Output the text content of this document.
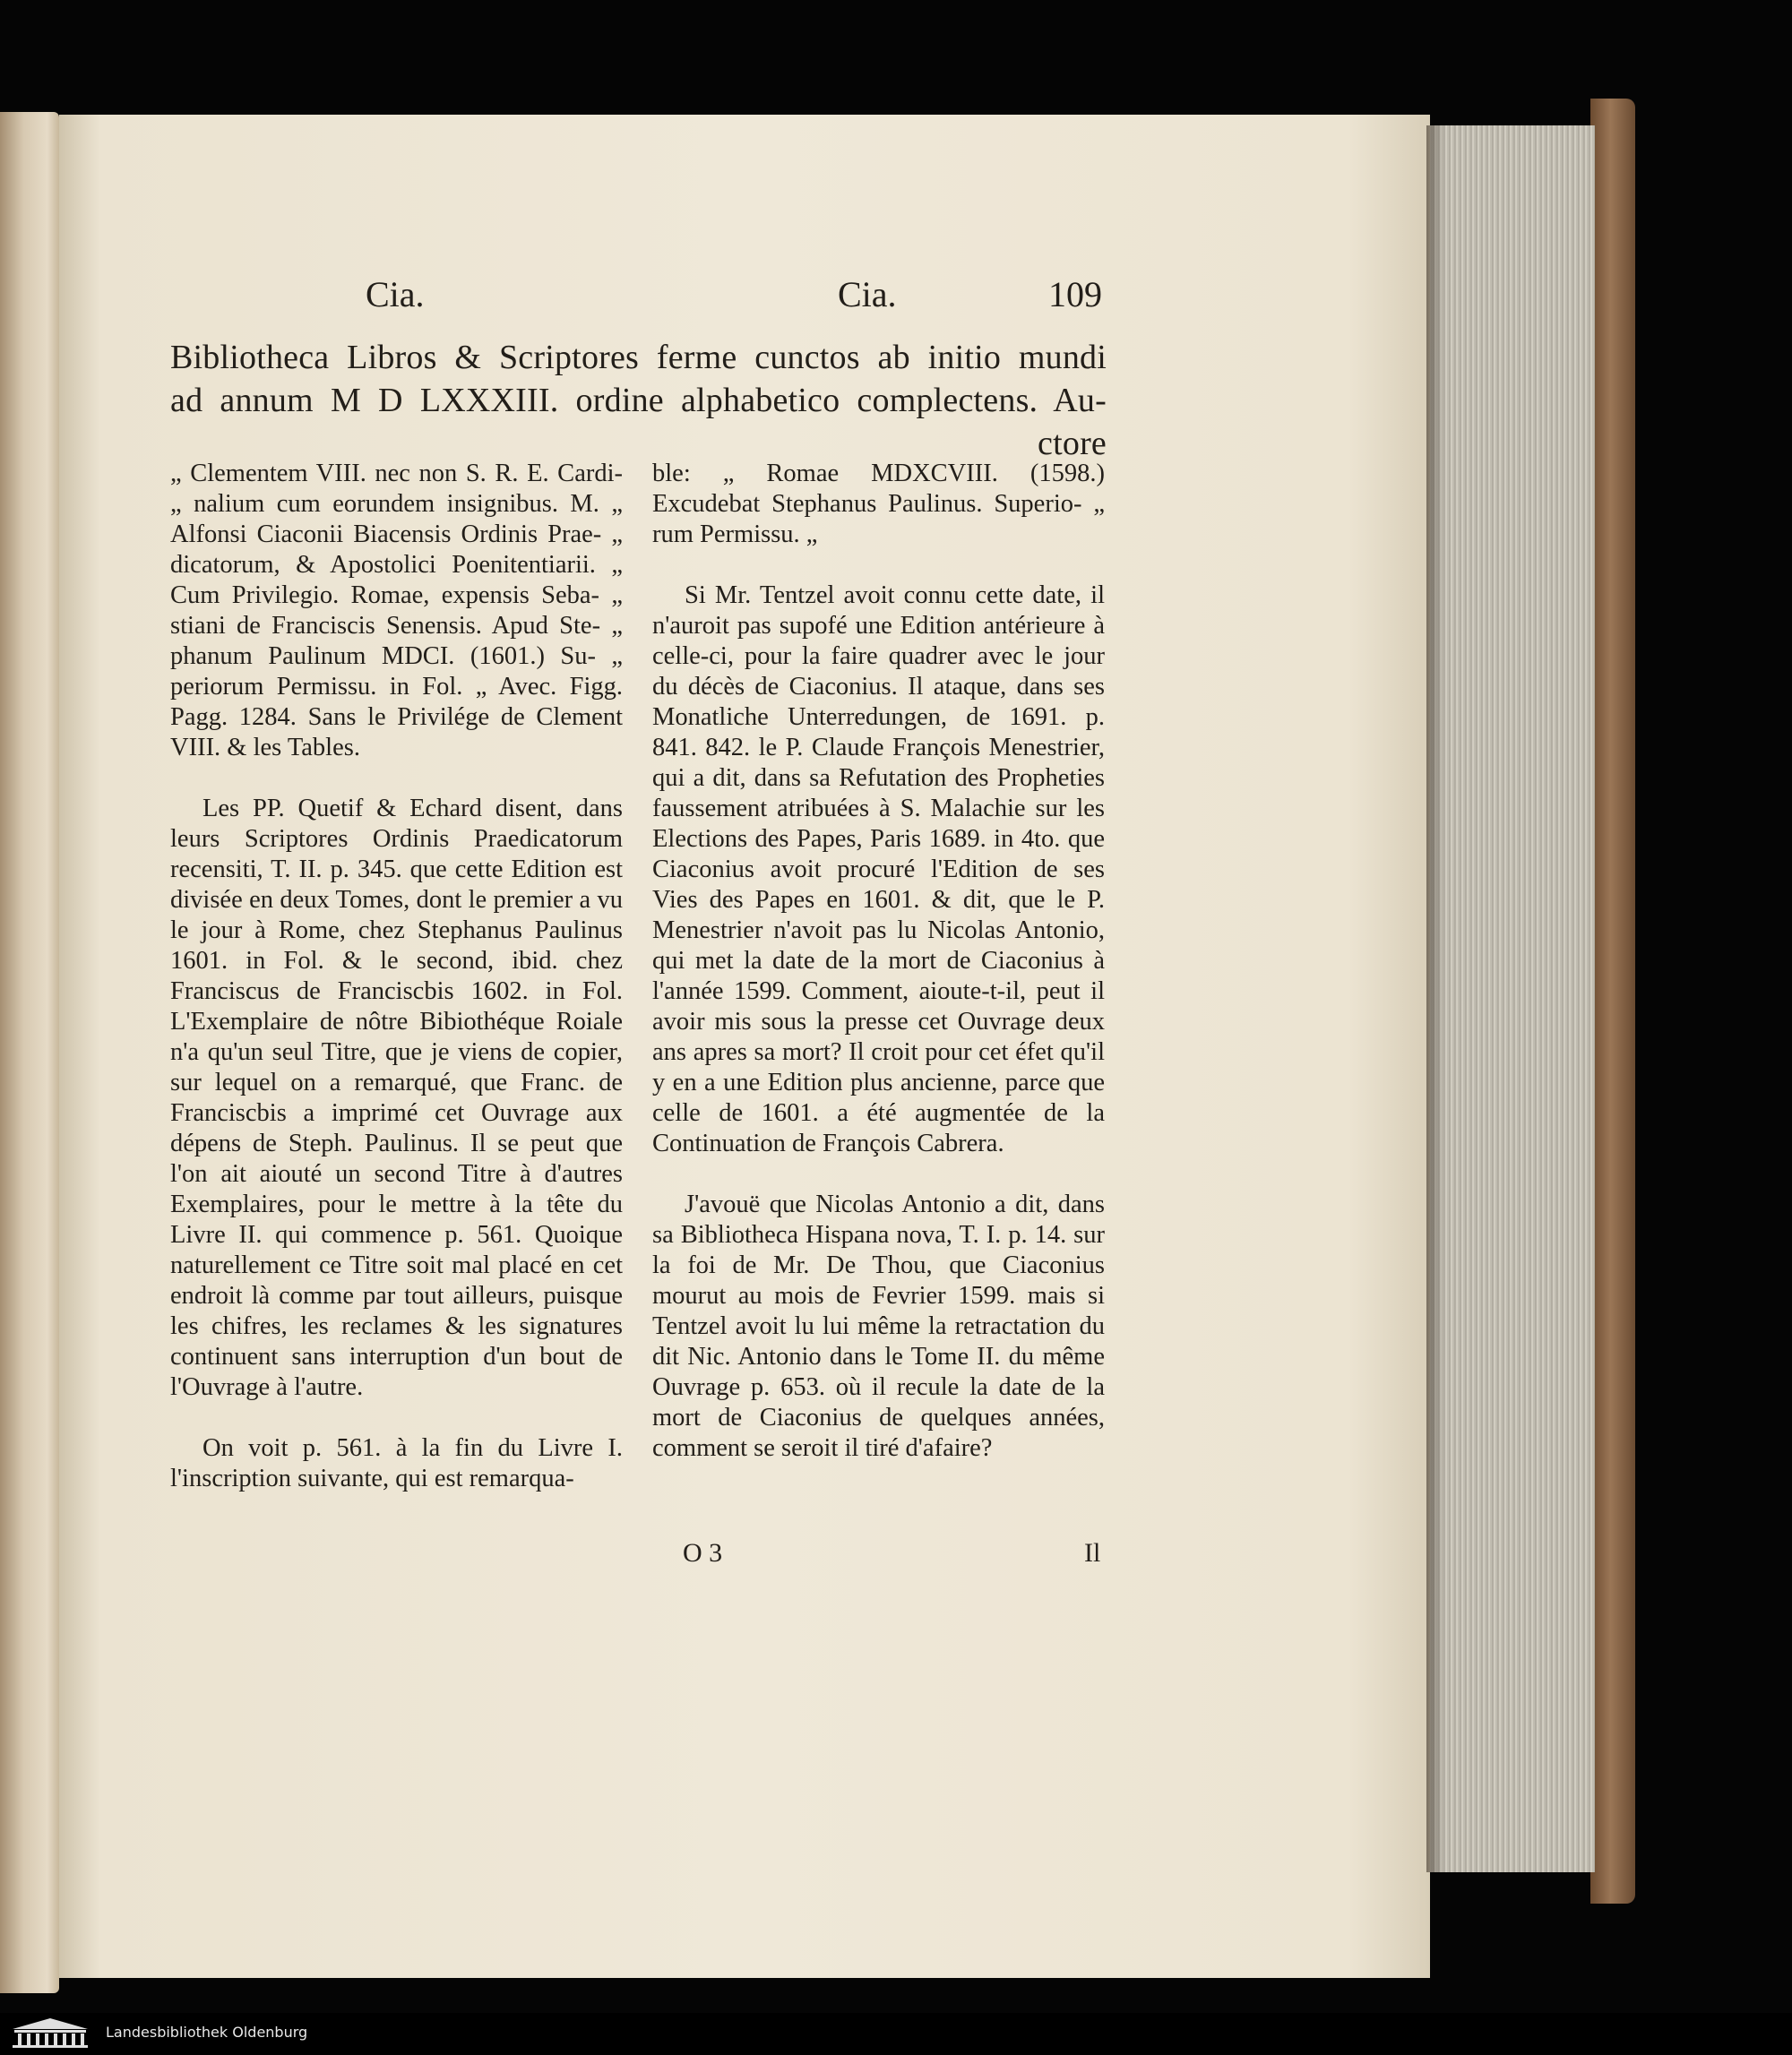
Cia.	Cia.	109
Bibliotheca Libros & Scriptores ferme cunctos ab initio mundi
ad annum M D LXXXIII. ordine alphabetico complectens. Au-
ctore

„ Clementem VIII. nec non S. R. E. Cardi- „ nalium cum eorundem insignibus. M. „ Alfonsi Ciaconii Biacensis Ordinis Prae- „ dicatorum, & Apostolici Poenitentiarii. „ Cum Privilegio. Romae, expensis Seba- „ stiani de Franciscis Senensis. Apud Ste- „ phanum Paulinum MDCI. (1601.) Su- „ periorum Permissu. in Fol. „ Avec. Figg. Pagg. 1284. Sans le Privilége de Clement VIII. & les Tables.

Les PP. Quetif & Echard disent, dans leurs Scriptores Ordinis Praedicatorum recensiti, T. II. p. 345. que cette Edition est divisée en deux Tomes, dont le premier a vu le jour à Rome, chez Stephanus Paulinus 1601. in Fol. & le second, ibid. chez Franciscus de Franciscbis 1602. in Fol. L'Exemplaire de nôtre Bibiothéque Roiale n'a qu'un seul Titre, que je viens de copier, sur lequel on a remarqué, que Franc. de Franciscbis a imprimé cet Ouvrage aux dépens de Steph. Paulinus. Il se peut que l'on ait aiouté un second Titre à d'autres Exemplaires, pour le mettre à la tête du Livre II. qui commence p. 561. Quoique naturellement ce Titre soit mal placé en cet endroit là comme par tout ailleurs, puisque les chifres, les reclames & les signatures continuent sans interruption d'un bout de l'Ouvrage à l'autre.

On voit p. 561. à la fin du Livre I. l'inscription suivante, qui est remarqua-

ble: „ Romae MDXCVIII. (1598.) Excudebat Stephanus Paulinus. Superio- „ rum Permissu. „

Si Mr. Tentzel avoit connu cette date, il n'auroit pas supofé une Edition antérieure à celle-ci, pour la faire quadrer avec le jour du décès de Ciaconius. Il ataque, dans ses Monatliche Unterredungen, de 1691. p. 841. 842. le P. Claude François Menestrier, qui a dit, dans sa Refutation des Propheties faussement atribuées à S. Malachie sur les Elections des Papes, Paris 1689. in 4to. que Ciaconius avoit procuré l'Edition de ses Vies des Papes en 1601. & dit, que le P. Menestrier n'avoit pas lu Nicolas Antonio, qui met la date de la mort de Ciaconius à l'année 1599. Comment, aioute-t-il, peut il avoir mis sous la presse cet Ouvrage deux ans apres sa mort? Il croit pour cet éfet qu'il y en a une Edition plus ancienne, parce que celle de 1601. a été augmentée de la Continuation de François Cabrera.

J'avouë que Nicolas Antonio a dit, dans sa Bibliotheca Hispana nova, T. I. p. 14. sur la foi de Mr. De Thou, que Ciaconius mourut au mois de Fevrier 1599. mais si Tentzel avoit lu lui même la retractation du dit Nic. Antonio dans le Tome II. du même Ouvrage p. 653. où il recule la date de la mort de Ciaconius de quelques années, comment se seroit il tiré d'afaire?

O 3	Il
Landesbibliothek Oldenburg
